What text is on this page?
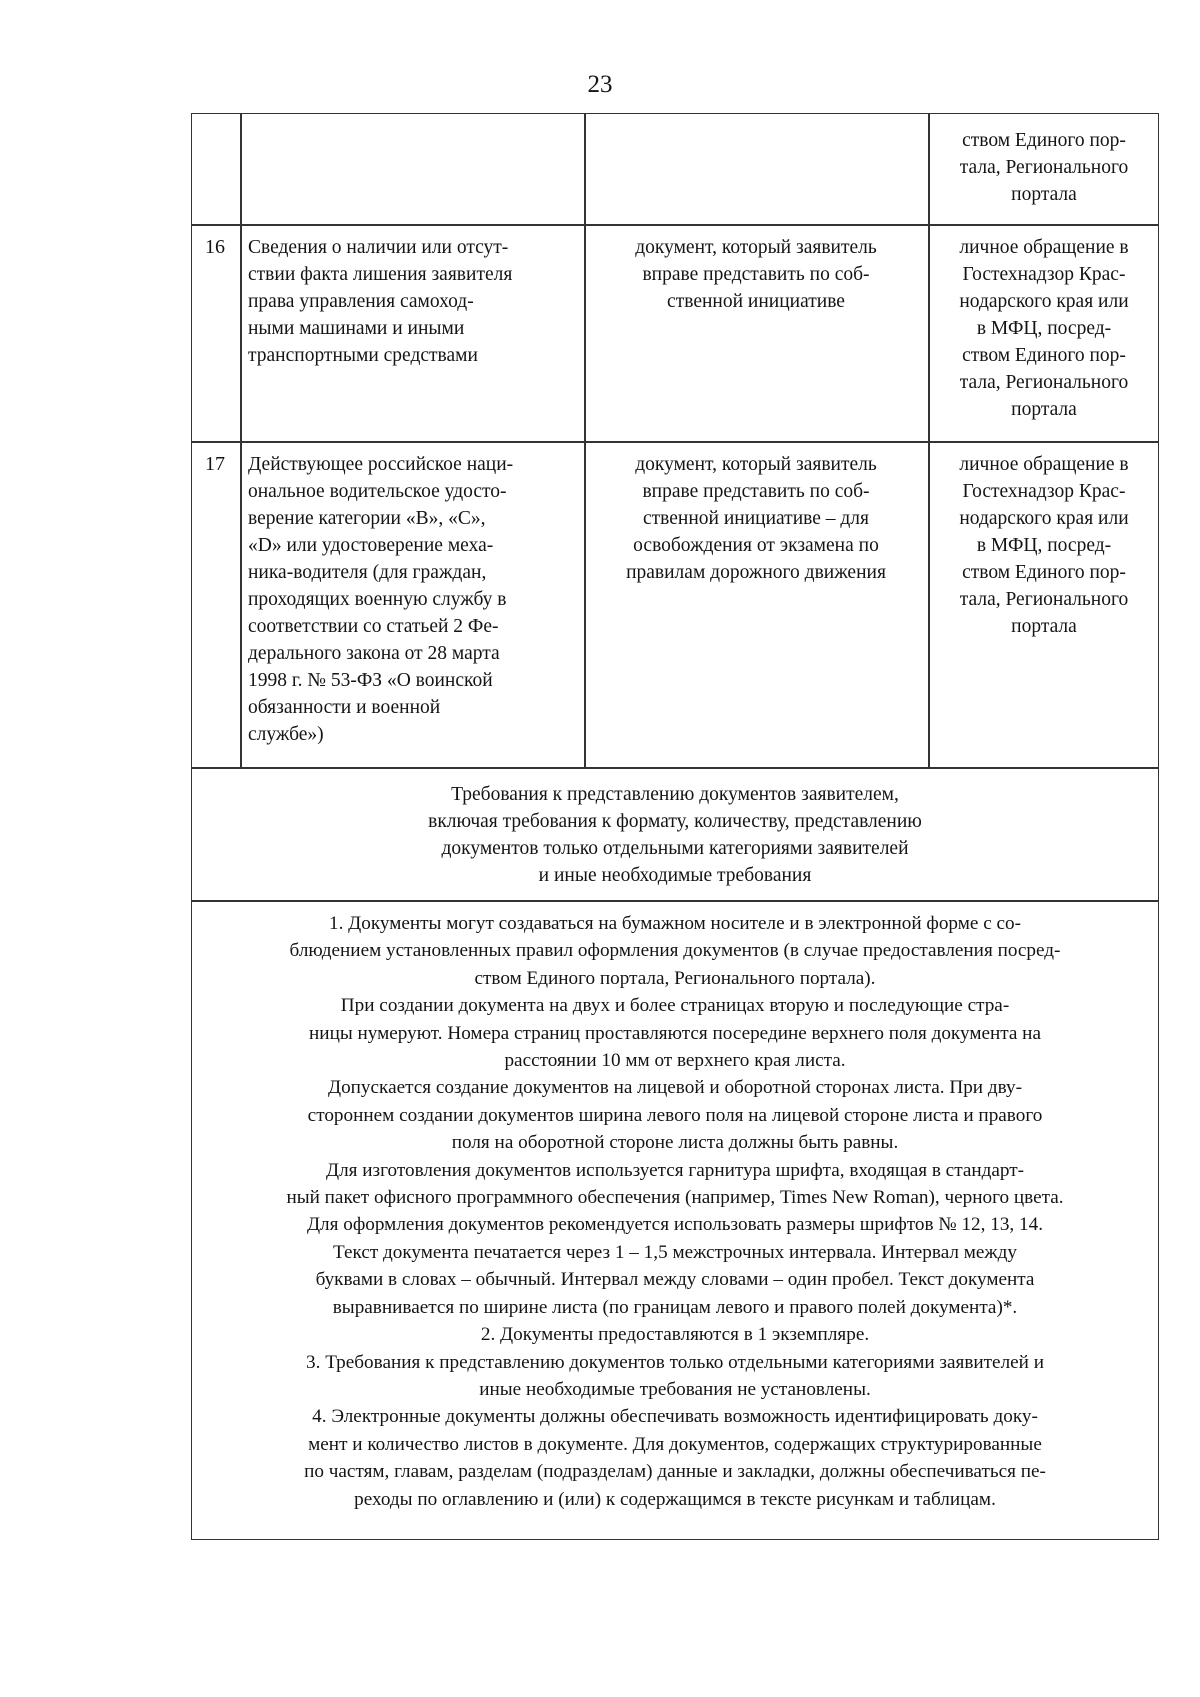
23
ством Единого пор-
тала, Регионального
портала
16 Сведения о наличии или отсут-
ствии факта лишения заявителя
права управления самоход-
ными машинами и иными
транспортными средствами
документ, который заявитель
вправе представить по соб-
ственной инициативе
личное обращение в
Гостехнадзор Крас-
нодарского края или
в МФЦ, посред-
ством Единого пор-
тала, Регионального
портала
17 Действующее российское наци-
ональное водительское удосто-
верение категории «В», «С»,
«D» или удостоверение меха-
ника-водителя (для граждан,
проходящих военную службу в
соответствии со статьей 2 Фе-
дерального закона от 28 марта
1998 г. № 53-ФЗ «О воинской
обязанности и военной
службе»)
документ, который заявитель
вправе представить по соб-
ственной инициативе – для
освобождения от экзамена по
правилам дорожного движения
личное обращение в
Гостехнадзор Крас-
нодарского края или
в МФЦ, посред-
ством Единого пор-
тала, Регионального
портала
Требования к представлению документов заявителем,
включая требования к формату, количеству, представлению
документов только отдельными категориями заявителей
и иные необходимые требования

1. Документы могут создаваться на бумажном носителе и в электронной форме с со-
блюдением установленных правил оформления документов (в случае предоставления посред-
ством Единого портала, Регионального портала).

При создании документа на двух и более страницах вторую и последующие стра-
ницы нумеруют. Номера страниц проставляются посередине верхнего поля документа на
расстоянии 10 мм от верхнего края листа.

Допускается создание документов на лицевой и оборотной сторонах листа. При дву-
стороннем создании документов ширина левого поля на лицевой стороне листа и правого
поля на оборотной стороне листа должны быть равны.

Для изготовления документов используется гарнитура шрифта, входящая в стандарт-
ный пакет офисного программного обеспечения (например, Times New Roman), черного цвета.
Для оформления документов рекомендуется использовать размеры шрифтов № 12, 13, 14.

Текст документа печатается через 1 – 1,5 межстрочных интервала. Интервал между
буквами в словах – обычный. Интервал между словами – один пробел. Текст документа
выравнивается по ширине листа (по границам левого и правого полей документа)*.

2. Документы предоставляются в 1 экземпляре.

3. Требования к представлению документов только отдельными категориями заявителей и
иные необходимые требования не установлены.

4. Электронные документы должны обеспечивать возможность идентифицировать доку-
мент и количество листов в документе. Для документов, содержащих структурированные
по частям, главам, разделам (подразделам) данные и закладки, должны обеспечиваться пе-
реходы по оглавлению и (или) к содержащимся в тексте рисункам и таблицам.
